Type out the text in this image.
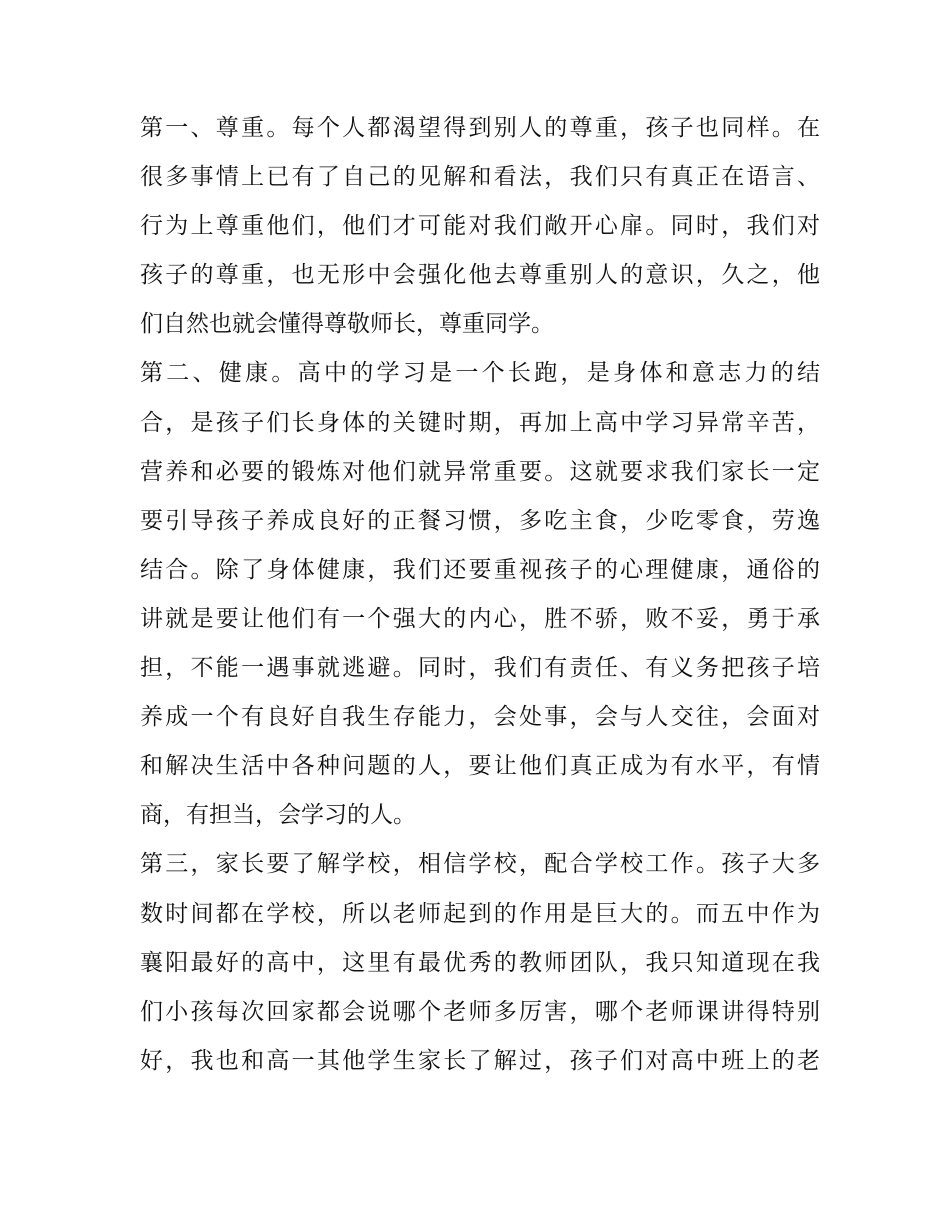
第一、尊重。每个人都渴望得到别人的尊重，孩子也同样。在
很多事情上已有了自己的见解和看法，我们只有真正在语言、
行为上尊重他们，他们才可能对我们敞开心扉。同时，我们对
孩子的尊重，也无形中会强化他去尊重别人的意识，久之，他
们自然也就会懂得尊敬师长，尊重同学。
第二、健康。高中的学习是一个长跑，是身体和意志力的结
合，是孩子们长身体的关键时期，再加上高中学习异常辛苦，
营养和必要的锻炼对他们就异常重要。这就要求我们家长一定
要引导孩子养成良好的正餐习惯，多吃主食，少吃零食，劳逸
结合。除了身体健康，我们还要重视孩子的心理健康，通俗的
讲就是要让他们有一个强大的内心，胜不骄，败不妥，勇于承
担，不能一遇事就逃避。同时，我们有责任、有义务把孩子培
养成一个有良好自我生存能力，会处事，会与人交往，会面对
和解决生活中各种问题的人，要让他们真正成为有水平，有情
商，有担当，会学习的人。
第三，家长要了解学校，相信学校，配合学校工作。孩子大多
数时间都在学校，所以老师起到的作用是巨大的。而五中作为
襄阳最好的高中，这里有最优秀的教师团队，我只知道现在我
们小孩每次回家都会说哪个老师多厉害，哪个老师课讲得特别
好，我也和高一其他学生家长了解过，孩子们对高中班上的老
